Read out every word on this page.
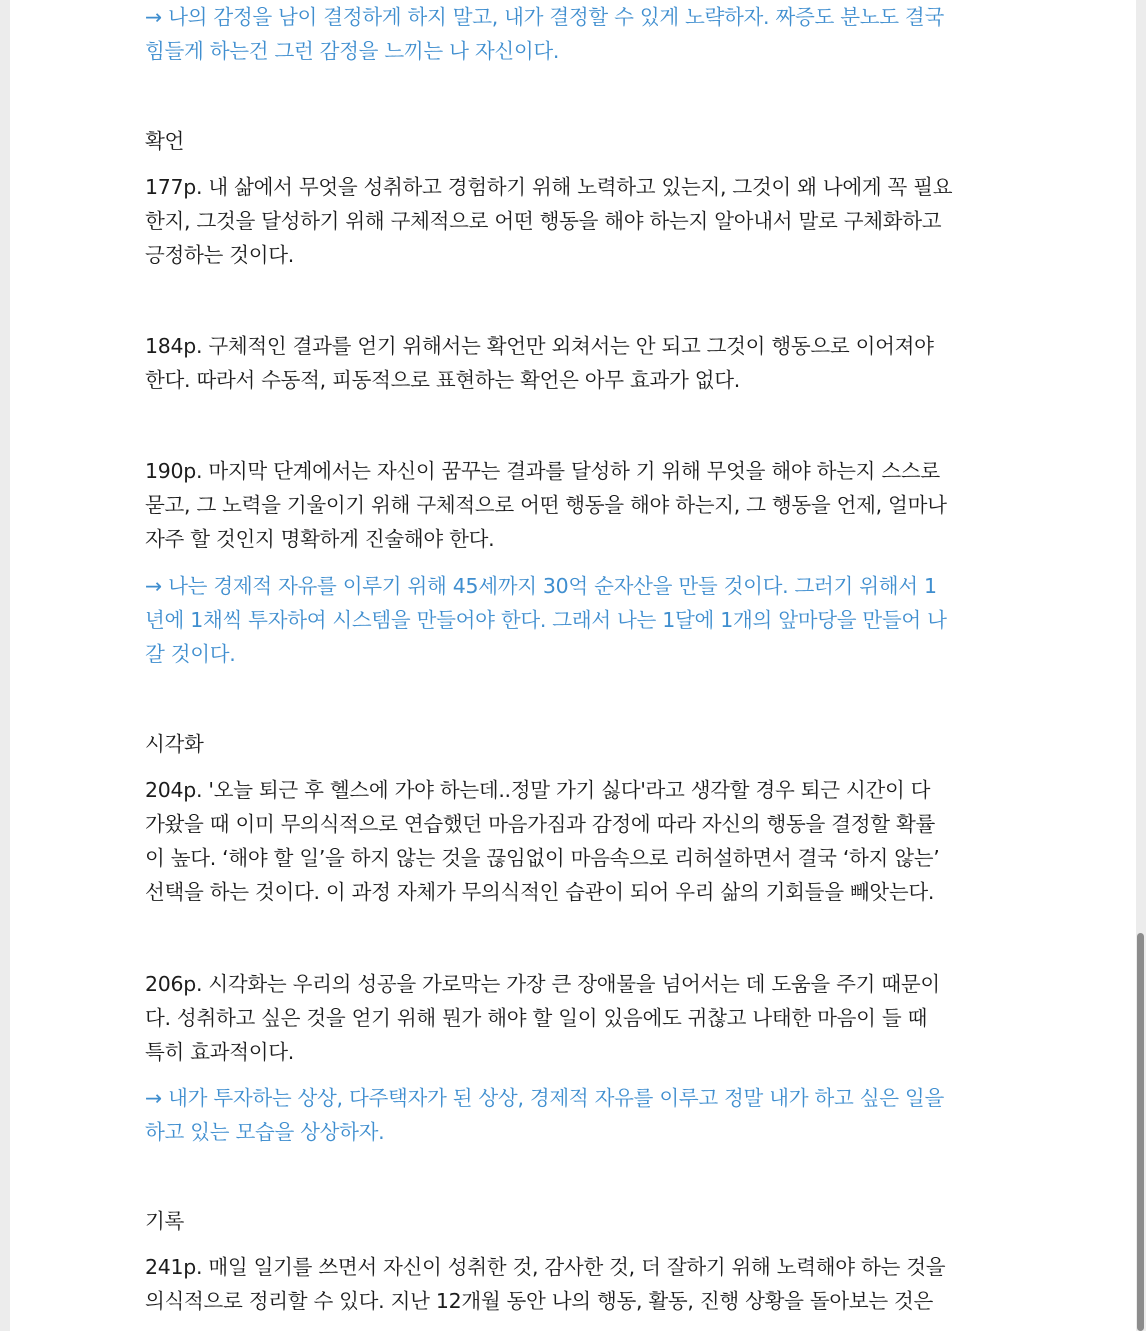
→ 나의 감정을 남이 결정하게 하지 말고, 내가 결정할 수 있게 노략하자. 짜증도 분노도 결국
힘들게 하는건 그런 감정을 느끼는 나 자신이다.

확언

177p. 내 삶에서 무엇을 성취하고 경험하기 위해 노력하고 있는지, 그것이 왜 나에게 꼭 필요
한지, 그것을 달성하기 위해 구체적으로 어떤 행동을 해야 하는지 알아내서 말로 구체화하고
긍정하는 것이다.

184p. 구체적인 결과를 얻기 위해서는 확언만 외쳐서는 안 되고 그것이 행동으로 이어져야
한다. 따라서 수동적, 피동적으로 표현하는 확언은 아무 효과가 없다.

190p. 마지막 단계에서는 자신이 꿈꾸는 결과를 달성하 기 위해 무엇을 해야 하는지 스스로
묻고, 그 노력을 기울이기 위해 구체적으로 어떤 행동을 해야 하는지, 그 행동을 언제, 얼마나
자주 할 것인지 명확하게 진술해야 한다.

→ 나는 경제적 자유를 이루기 위해 45세까지 30억 순자산을 만들 것이다. 그러기 위해서 1
년에 1채씩 투자하여 시스템을 만들어야 한다. 그래서 나는 1달에 1개의 앞마당을 만들어 나
갈 것이다.

시각화

204p. '오늘 퇴근 후 헬스에 가야 하는데..정말 가기 싫다'라고 생각할 경우 퇴근 시간이 다
가왔을 때 이미 무의식적으로 연습했던 마음가짐과 감정에 따라 자신의 행동을 결정할 확률
이 높다. ‘해야 할 일’을 하지 않는 것을 끊임없이 마음속으로 리허설하면서 결국 ‘하지 않는’
선택을 하는 것이다. 이 과정 자체가 무의식적인 습관이 되어 우리 삶의 기회들을 빼앗는다.

206p. 시각화는 우리의 성공을 가로막는 가장 큰 장애물을 넘어서는 데 도움을 주기 때문이
다. 성취하고 싶은 것을 얻기 위해 뭔가 해야 할 일이 있음에도 귀찮고 나태한 마음이 들 때
특히 효과적이다.

→ 내가 투자하는 상상, 다주택자가 된 상상, 경제적 자유를 이루고 정말 내가 하고 싶은 일을
하고 있는 모습을 상상하자.

기록

241p. 매일 일기를 쓰면서 자신이 성취한 것, 감사한 것, 더 잘하기 위해 노력해야 하는 것을
의식적으로 정리할 수 있다. 지난 12개월 동안 나의 행동, 활동, 진행 상황을 돌아보는 것은
